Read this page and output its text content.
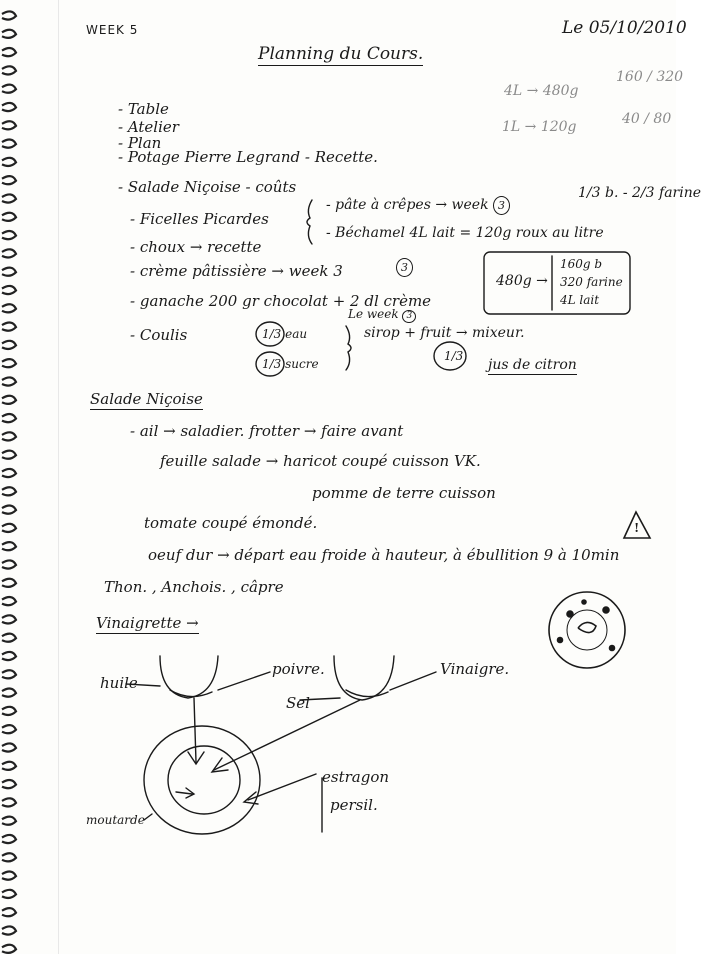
WEEK 5	Le 05/10/2010
Planning du Cours.
4L → 480g
160 / 320
1L → 120g	40 / 80
- Table
- Atelier
- Plan
- Potage Pierre Legrand - Recette.
- Salade Niçoise - coûts
- Ficelles Picardes
- choux → recette
- crème pâtissière → week 3
- ganache 200 gr chocolat + 2 dl crème
- Coulis
- pâte à crêpes → week 3
1/3 b. - 2/3 farine
- Béchamel 4L lait = 120g roux au litre
Le week 3
1/3 eau
1/3 sucre
sirop + fruit → mixeur.
1/3
jus de citron
3
480g →
160g b
320 farine
4L lait
Salade Niçoise
- ail → saladier. frotter → faire avant
feuille salade → haricot coupé cuisson VK.
pomme de terre cuisson
tomate coupé émondé.
oeuf dur → départ eau froide à hauteur, à ébullition 9 à 10min
Thon. , Anchois. , câpre
!
Vinaigrette →
huile
poivre.
Sel
Vinaigre.
moutarde
estragon
persil.
